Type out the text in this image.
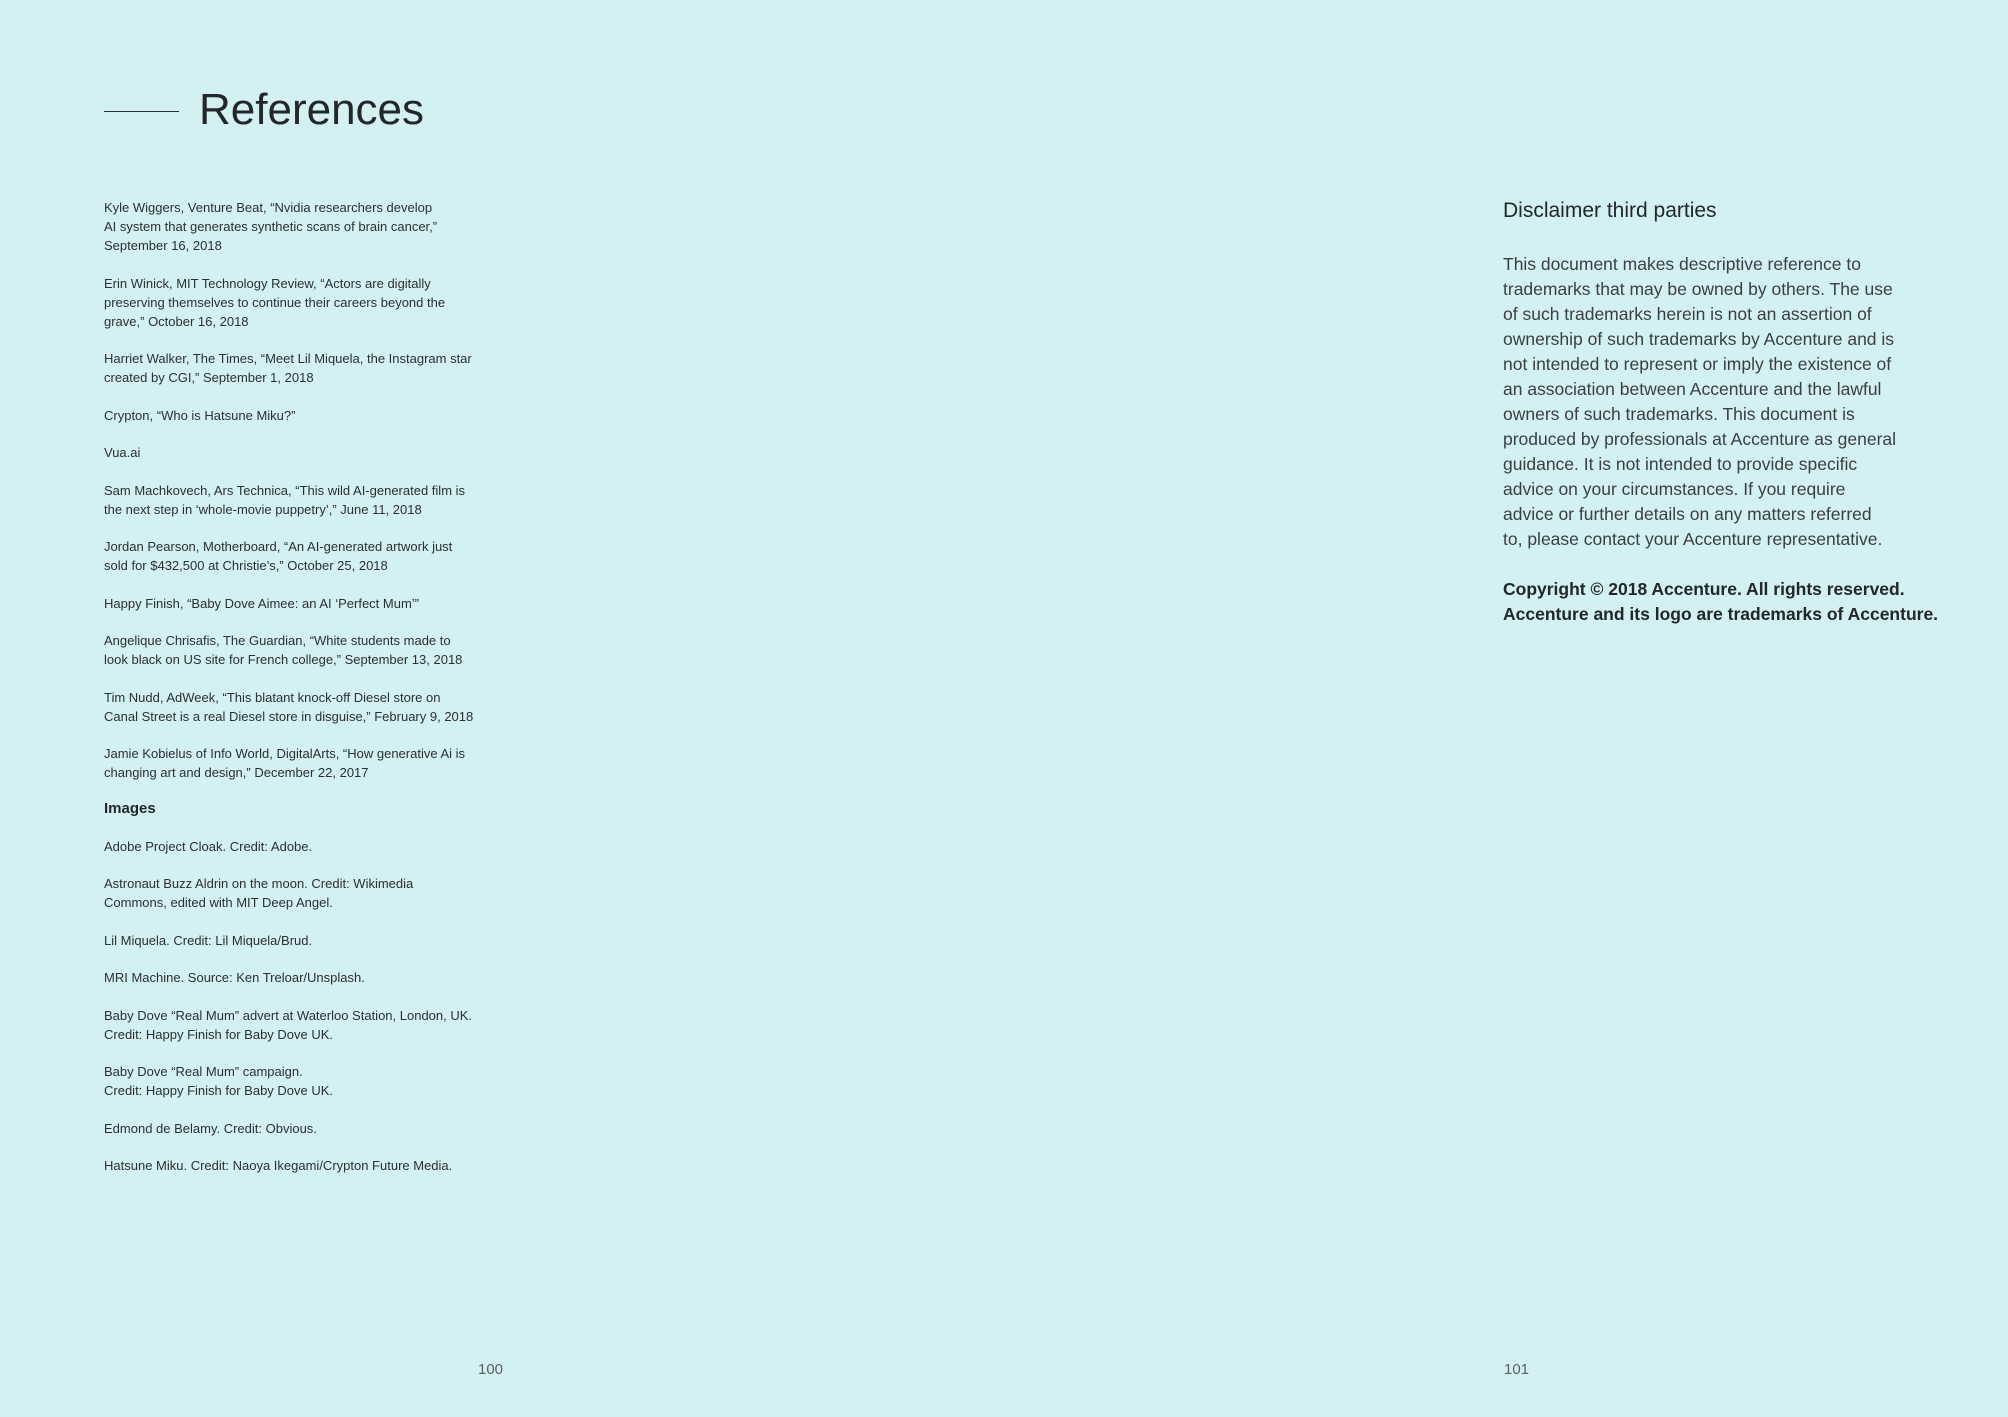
References
Kyle Wiggers, Venture Beat, “Nvidia researchers develop
AI system that generates synthetic scans of brain cancer,”
September 16, 2018
Erin Winick, MIT Technology Review, “Actors are digitally
preserving themselves to continue their careers beyond the
grave,” October 16, 2018
Harriet Walker, The Times, “Meet Lil Miquela, the Instagram star
created by CGI,” September 1, 2018
Crypton, “Who is Hatsune Miku?”
Vua.ai
Sam Machkovech, Ars Technica, “This wild AI-generated film is
the next step in ‘whole-movie puppetry’,” June 11, 2018
Jordan Pearson, Motherboard, “An AI-generated artwork just
sold for $432,500 at Christie’s,” October 25, 2018
Happy Finish, “Baby Dove Aimee: an AI ‘Perfect Mum’”
Angelique Chrisafis, The Guardian, “White students made to
look black on US site for French college,” September 13, 2018
Tim Nudd, AdWeek, “This blatant knock-off Diesel store on
Canal Street is a real Diesel store in disguise,” February 9, 2018
Jamie Kobielus of Info World, DigitalArts, “How generative Ai is
changing art and design,” December 22, 2017
Images
Adobe Project Cloak. Credit: Adobe.
Astronaut Buzz Aldrin on the moon. Credit: Wikimedia
Commons, edited with MIT Deep Angel.
Lil Miquela. Credit: Lil Miquela/Brud.
MRI Machine. Source: Ken Treloar/Unsplash.
Baby Dove “Real Mum” advert at Waterloo Station, London, UK.
Credit: Happy Finish for Baby Dove UK.
Baby Dove “Real Mum” campaign.
Credit: Happy Finish for Baby Dove UK.
Edmond de Belamy. Credit: Obvious.
Hatsune Miku. Credit: Naoya Ikegami/Crypton Future Media.
Disclaimer third parties

This document makes descriptive reference to
trademarks that may be owned by others. The use
of such trademarks herein is not an assertion of
ownership of such trademarks by Accenture and is
not intended to represent or imply the existence of
an association between Accenture and the lawful
owners of such trademarks. This document is
produced by professionals at Accenture as general
guidance. It is not intended to provide specific
advice on your circumstances. If you require
advice or further details on any matters referred
to, please contact your Accenture representative.

Copyright © 2018 Accenture. All rights reserved.
Accenture and its logo are trademarks of Accenture.

100	101
